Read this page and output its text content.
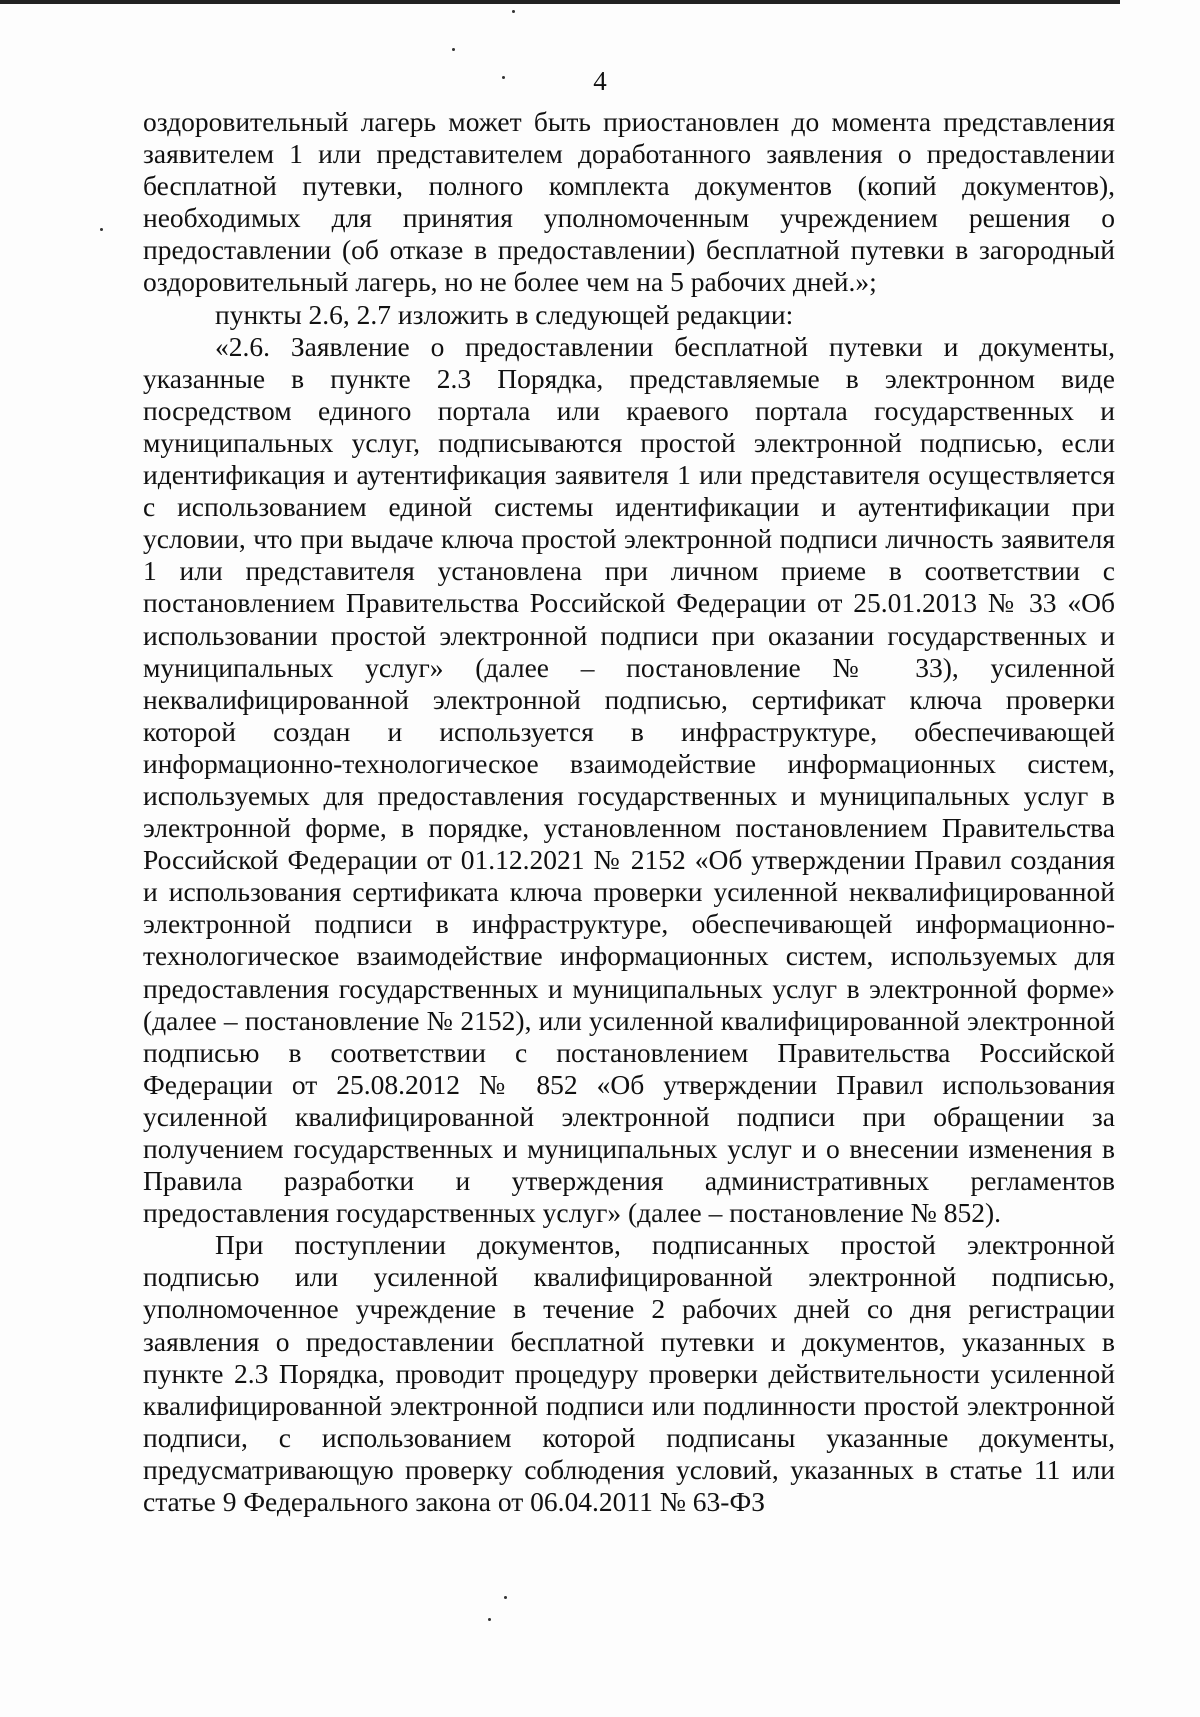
4

оздоровительный лагерь может быть приостановлен до момента представления заявителем 1 или представителем доработанного заявления о предоставлении бесплатной путевки, полного комплекта документов (копий документов), необходимых для принятия уполномоченным учреждением решения о предоставлении (об отказе в предоставлении) бесплатной путевки в загородный оздоровительный лагерь, но не более чем на 5 рабочих дней.»;

пункты 2.6, 2.7 изложить в следующей редакции:

«2.6. Заявление о предоставлении бесплатной путевки и документы, указанные в пункте 2.3 Порядка, представляемые в электронном виде посредством единого портала или краевого портала государственных и муниципальных услуг, подписываются простой электронной подписью, если идентификация и аутентификация заявителя 1 или представителя осуществляется с использованием единой системы идентификации и аутентификации при условии, что при выдаче ключа простой электронной подписи личность заявителя 1 или представителя установлена при личном приеме в соответствии с постановлением Правительства Российской Федерации от 25.01.2013 № 33 «Об использовании простой электронной подписи при оказании государственных и муниципальных услуг» (далее – постановление № 33), усиленной неквалифицированной электронной подписью, сертификат ключа проверки которой создан и используется в инфраструктуре, обеспечивающей информационно-технологическое взаимодействие информационных систем, используемых для предоставления государственных и муниципальных услуг в электронной форме, в порядке, установленном постановлением Правительства Российской Федерации от 01.12.2021 № 2152 «Об утверждении Правил создания и использования сертификата ключа проверки усиленной неквалифицированной электронной подписи в инфраструктуре, обеспечивающей информационно-технологическое взаимодействие информационных систем, используемых для предоставления государственных и муниципальных услуг в электронной форме» (далее – постановление № 2152), или усиленной квалифицированной электронной подписью в соответствии с постановлением Правительства Российской Федерации от 25.08.2012 № 852 «Об утверждении Правил использования усиленной квалифицированной электронной подписи при обращении за получением государственных и муниципальных услуг и о внесении изменения в Правила разработки и утверждения административных регламентов предоставления государственных услуг» (далее – постановление № 852).

При поступлении документов, подписанных простой электронной подписью или усиленной квалифицированной электронной подписью, уполномоченное учреждение в течение 2 рабочих дней со дня регистрации заявления о предоставлении бесплатной путевки и документов, указанных в пункте 2.3 Порядка, проводит процедуру проверки действительности усиленной квалифицированной электронной подписи или подлинности простой электронной подписи, с использованием которой подписаны указанные документы, предусматривающую проверку соблюдения условий, указанных в статье 11 или статье 9 Федерального закона от 06.04.2011 № 63-ФЗ
